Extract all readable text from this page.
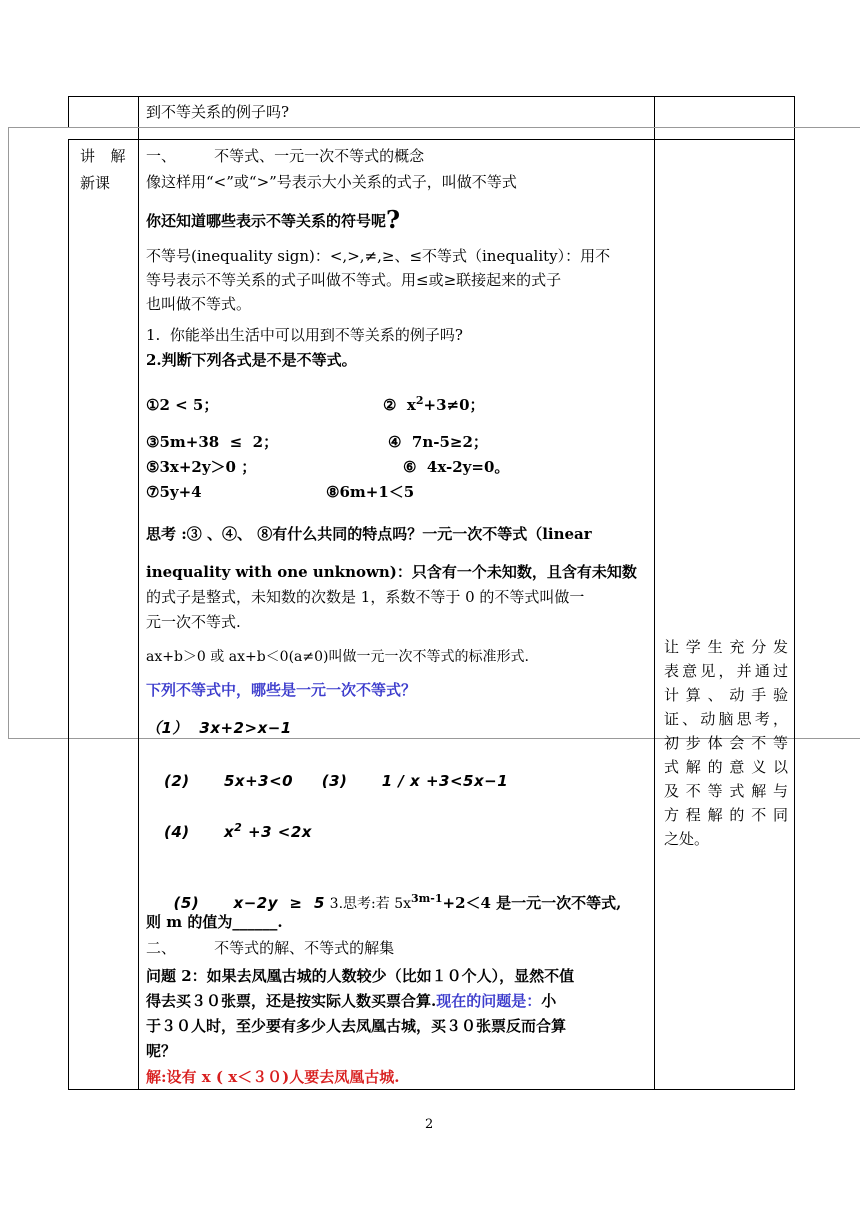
到不等关系的例子吗?
讲  解
新课
一、        不等式、一元一次不等式的概念
像这样用“<”或“>”号表示大小关系的式子，叫做不等式
你还知道哪些表示不等关系的符号呢?
不等号(inequality sign)：<,>,≠,≥、≤不等式（inequality）：用不
等号表示不等关系的式子叫做不等式。用≤或≥联接起来的式子
也叫做不等式。
1.  你能举出生活中可以用到不等关系的例子吗?
2.判断下列各式是不是不等式。
①2 < 5；	②  $x^2+3\ne 0$；
③5m+38  ≤  2；	④  7n-5≥2；
⑤3x+2y＞0 ；	⑥  4x-2y=0。
⑦5y+4	⑧6m+1＜5
思考 :③ 、④、 ⑧有什么共同的特点吗？一元一次不等式（linear
inequality with one unknown)：只含有一个未知数，且含有未知数
的式子是整式，未知数的次数是 1，系数不等于 0 的不等式叫做一
元一次不等式.
ax+b＞0 或 ax+b＜0(a≠0)叫做一元一次不等式的标准形式.
下列不等式中，哪些是一元一次不等式？
（1）  3x+2>x−1
(2)      5x+3<0     (3)      1 / x +3<5x−1
(4)      $x^2 +3 <2x$

(5)      x−2y  ≥  5 3.思考:若 $5x^{3m-1}+2<4$ 是一元一次不等式,

则 m 的值为______.
二、        不等式的解、不等式的解集
问题 2：如果去凤凰古城的人数较少（比如１０个人），显然不值
得去买３０张票，还是按实际人数买票合算.现在的问题是：小
于３０人时，至少要有多少人去凤凰古城，买３０张票反而合算
呢？
解:设有 x ( x＜３０)人要去凤凰古城.
让学生充分发
表意见，并通过
计算、动手验
证、动脑思考，
初步体会不等
式解的意义以
及不等式解与
方程解的不同
之处。
2
